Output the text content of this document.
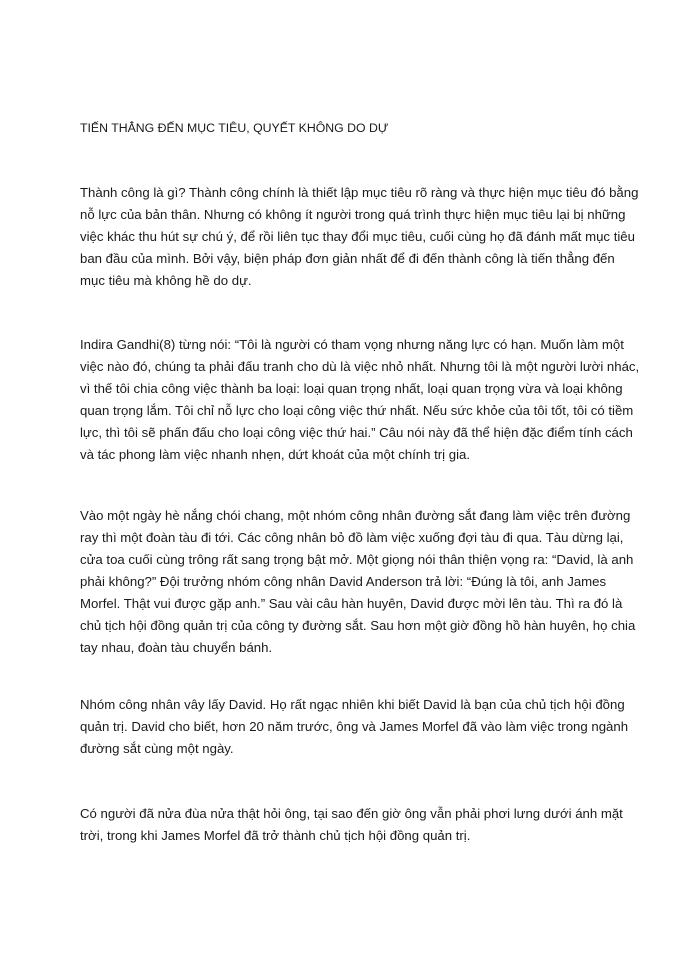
TIẾN THẲNG ĐẾN MỤC TIÊU, QUYẾT KHÔNG DO DỰ

Thành công là gì? Thành công chính là thiết lập mục tiêu rõ ràng và thực hiện mục tiêu đó bằng nỗ lực của bản thân. Nhưng có không ít người trong quá trình thực hiện mục tiêu lại bị những việc khác thu hút sự chú ý, để rồi liên tục thay đổi mục tiêu, cuối cùng họ đã đánh mất mục tiêu ban đầu của mình. Bởi vậy, biện pháp đơn giản nhất để đi đến thành công là tiến thẳng đến mục tiêu mà không hề do dự.

Indira Gandhi(8) từng nói: “Tôi là người có tham vọng nhưng năng lực có hạn. Muốn làm một việc nào đó, chúng ta phải đấu tranh cho dù là việc nhỏ nhất. Nhưng tôi là một người lười nhác, vì thế tôi chia công việc thành ba loại: loại quan trọng nhất, loại quan trọng vừa và loại không quan trọng lắm. Tôi chỉ nỗ lực cho loại công việc thứ nhất. Nếu sức khỏe của tôi tốt, tôi có tiềm lực, thì tôi sẽ phấn đấu cho loại công việc thứ hai.” Câu nói này đã thể hiện đặc điểm tính cách và tác phong làm việc nhanh nhẹn, dứt khoát của một chính trị gia.

Vào một ngày hè nắng chói chang, một nhóm công nhân đường sắt đang làm việc trên đường ray thì một đoàn tàu đi tới. Các công nhân bỏ đồ làm việc xuống đợi tàu đi qua. Tàu dừng lại, cửa toa cuối cùng trông rất sang trọng bật mở. Một giọng nói thân thiện vọng ra: “David, là anh phải không?” Đội trưởng nhóm công nhân David Anderson trả lời: “Đúng là tôi, anh James Morfel. Thật vui được gặp anh.” Sau vài câu hàn huyên, David được mời lên tàu. Thì ra đó là chủ tịch hội đồng quản trị của công ty đường sắt. Sau hơn một giờ đồng hồ hàn huyên, họ chia tay nhau, đoàn tàu chuyển bánh.

Nhóm công nhân vây lấy David. Họ rất ngạc nhiên khi biết David là bạn của chủ tịch hội đồng quản trị. David cho biết, hơn 20 năm trước, ông và James Morfel đã vào làm việc trong ngành đường sắt cùng một ngày.

Có người đã nửa đùa nửa thật hỏi ông, tại sao đến giờ ông vẫn phải phơi lưng dưới ánh mặt trời, trong khi James Morfel đã trở thành chủ tịch hội đồng quản trị.
